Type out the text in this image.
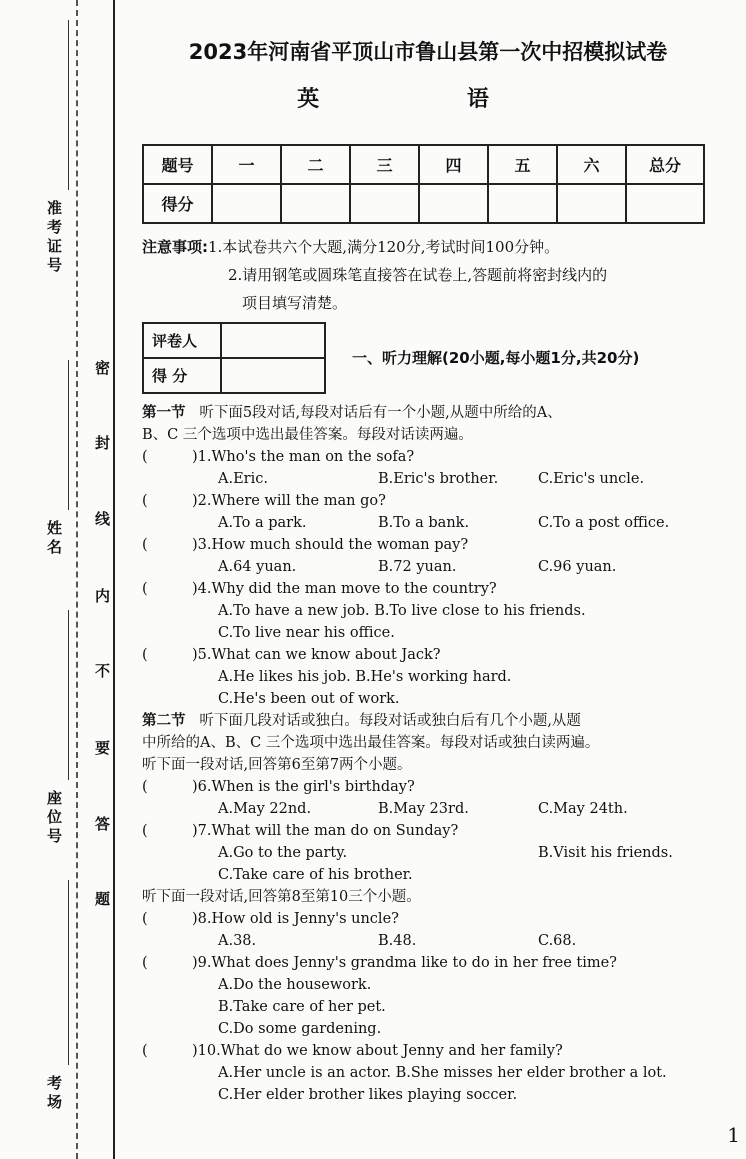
准考证号
姓名
座位号
考场
密
封
线
内
不
要
答
题
2023年河南省平顶山市鲁山县第一次中招模拟试卷
英 语
题号	一	二	三	四	五	六	总分
得分							
注意事项:1.本试卷共六个大题,满分120分,考试时间100分钟。
2.请用钢笔或圆珠笔直接答在试卷上,答题前将密封线内的
项目填写清楚。
评卷人	
得 分	
一、听力理解(20小题,每小题1分,共20分)
第一节 听下面5段对话,每段对话后有一个小题,从题中所给的A、
B、C 三个选项中选出最佳答案。每段对话读两遍。
(	)1.Who's the man on the sofa?
A.Eric.	B.Eric's brother.	C.Eric's uncle.
(	)2.Where will the man go?
A.To a park.	B.To a bank.	C.To a post office.
(	)3.How much should the woman pay?
A.64 yuan.	B.72 yuan.	C.96 yuan.
(	)4.Why did the man move to the country?
A.To have a new job. B.To live close to his friends.
C.To live near his office.
(	)5.What can we know about Jack?
A.He likes his job. B.He's working hard.
C.He's been out of work.
第二节 听下面几段对话或独白。每段对话或独白后有几个小题,从题
中所给的A、B、C 三个选项中选出最佳答案。每段对话或独白读两遍。
听下面一段对话,回答第6至第7两个小题。
(	)6.When is the girl's birthday?
A.May 22nd.	B.May 23rd.	C.May 24th.
(	)7.What will the man do on Sunday?
A.Go to the party.	B.Visit his friends.
C.Take care of his brother.
听下面一段对话,回答第8至第10三个小题。
(	)8.How old is Jenny's uncle?
A.38.	B.48.	C.68.
(	)9.What does Jenny's grandma like to do in her free time?
A.Do the housework.
B.Take care of her pet.
C.Do some gardening.
(	)10.What do we know about Jenny and her family?
A.Her uncle is an actor. B.She misses her elder brother a lot.
C.Her elder brother likes playing soccer.
1
